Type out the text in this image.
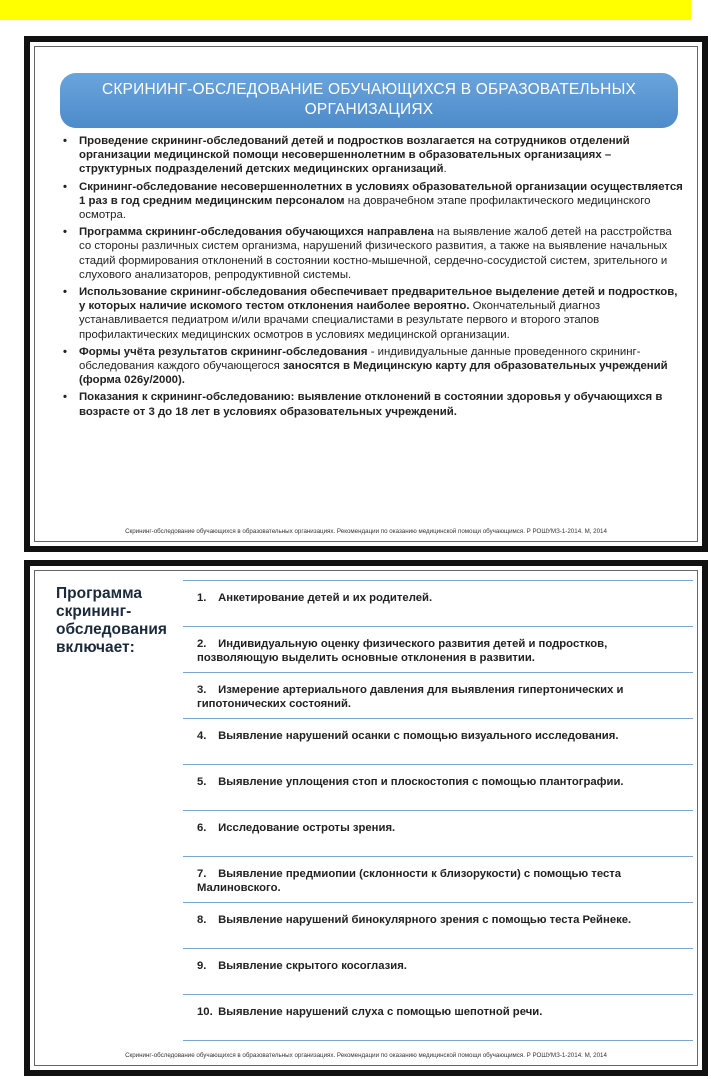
СКРИНИНГ-ОБСЛЕДОВАНИЕ ОБУЧАЮЩИХСЯ В ОБРАЗОВАТЕЛЬНЫХ ОРГАНИЗАЦИЯХ
• Проведение скрининг-обследований детей и подростков возлагается на сотрудников отделений организации медицинской помощи несовершеннолетним в образовательных организациях – структурных подразделений детских медицинских организаций.
• Скрининг-обследование несовершеннолетних в условиях образовательной организации осуществляется 1 раз в год средним медицинским персоналом на доврачебном этапе профилактического медицинского осмотра.
• Программа скрининг-обследования обучающихся направлена на выявление жалоб детей на расстройства со стороны различных систем организма, нарушений физического развития, а также на выявление начальных стадий формирования отклонений в состоянии костно-мышечной, сердечно-сосудистой систем, зрительного и слухового анализаторов, репродуктивной системы.
• Использование скрининг-обследования обеспечивает предварительное выделение детей и подростков, у которых наличие искомого тестом отклонения наиболее вероятно. Окончательный диагноз устанавливается педиатром и/или врачами специалистами в результате первого и второго этапов профилактических медицинских осмотров в условиях медицинской организации.
• Формы учёта результатов скрининг-обследования - индивидуальные данные проведенного скрининг-обследования каждого обучающегося заносятся в Медицинскую карту для образовательных учреждений (форма 026у/2000).
• Показания к скрининг-обследованию: выявление отклонений в состоянии здоровья у обучающихся в возрасте от 3 до 18 лет в условиях образовательных учреждений.
Скрининг-обследование обучающихся в образовательных организациях. Рекомендации по оказанию медицинской помощи обучающимся. Р РОШУМЗ-1-2014. М, 2014
Программа скрининг-обследования включает:
1. Анкетирование детей и их родителей.
2. Индивидуальную оценку физического развития детей и подростков, позволяющую выделить основные отклонения в развитии.
3. Измерение артериального давления для выявления гипертонических и гипотонических состояний.
4. Выявление нарушений осанки с помощью визуального исследования.
5. Выявление уплощения стоп и плоскостопия с помощью плантографии.
6. Исследование остроты зрения.
7. Выявление предмиопии (склонности к близорукости) с помощью теста Малиновского.
8. Выявление нарушений бинокулярного зрения с помощью теста Рейнеке.
9. Выявление скрытого косоглазия.
10. Выявление нарушений слуха с помощью шепотной речи.
Скрининг-обследование обучающихся в образовательных организациях. Рекомендации по оказанию медицинской помощи обучающимся. Р РОШУМЗ-1-2014. М, 2014
